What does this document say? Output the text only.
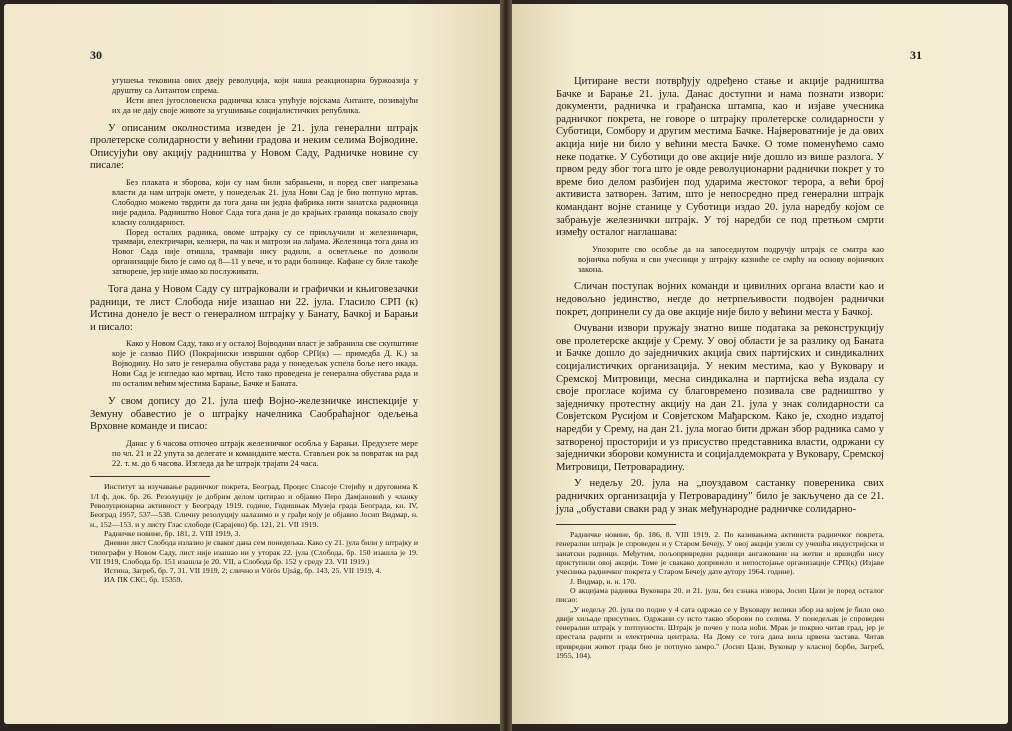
30

угушења тековина ових двеју револуција, који наша реакционарна буржоазија у друштву са Антантом спрема.

Исти апел југословенска радничка класа упућује војскама Антанте, позивајући их да не дају своје животе за угушивање социјалистичких република.

У описаним околностима изведен је 21. јула генерални штрајк пролетерске солидарности у већини градова и неким селима Војводине. Описујући ову акцију радништва у Новом Саду, Радничке новине су писале:

Без плаката и зборова, који су нам били забрањени, и поред свег напрезања власти да нам штрајк омете, у понедељак 21. јула Нови Сад је био потпуно мртав. Слободно можемо тврдити да тога дана ни једна фабрика нити занатска радионица није радила. Радништво Новог Сада тога дана је до крајњих граница показало своју класну солидарност.

Поред осталих радника, овоме штрајку су се прикључили и железничари, трамваји, електричари, келнери, па чак и матрози на лађама. Железница тога дана из Новог Сада није отишла, трамваји нису радили, а осветљење по дозволи организације било је само од 8—11 у вече, и то ради болнице. Кафане су биле такође затворене, јер није имао ко послуживати.

Тога дана у Новом Саду су штрајковали и графички и књиговезачки радници, те лист Слобода није изашао ни 22. јула. Гласило СРП (к) Истина донело је вест о генералном штрајку у Банату, Бачкој и Барањи и писало:

Како у Новом Саду, тако и у осталој Војводини власт је забранила све скупштине које је сазвао ПИО (Покрајински извршни одбор СРП(к) — примедба Д. К.) за Војводину. Но зато је генерална обустава рада у понедељак успела боље него икада. Нови Сад је изгледао као мртвац. Исто тако проведена је генерална обустава рада и по осталим већим мјестима Барање, Бачке и Баната.

У свом допису до 21. јула шеф Војно-железничке инспекције у Земуну обавестио је о штрајку начелника Саобраћајног одељења Врховне команде и писао:

Данас у 6 часова отпочео штрајк железничког особља у Барањи. Предузете мере по чл. 21 и 22 упута за делегате и команданте места. Стављен рок за повратак на рад 22. т. м. до 6 часова. Изгледа да ће штрајк трајати 24 часа.

Институт за изучавање радничког покрета, Београд, Процес Спасоје Стејићу и друговима К 1/I ф, док. бр. 26. Резолуцију је добрим делом цитирао и објавио Перо Дамјановић у чланку Револуционарна активност у Београду 1919. године, Годишњак Музеја града Београда, кн. IV, Београд 1957, 537—538. Сличну резолуцију налазимо и у грађи коју је објавио Јосип Видмар, н. н., 152—153. и у листу Глас слободе (Сарајево) бр. 121, 21. VII 1919.

Радничке новине, бр. 181, 2. VIII 1919, 3.

Дневни лист Слобода излазио је сваког дана сем понедељка. Како су 21. јула били у штрајку и типографи у Новом Саду, лист није изашао ни у уторак 22. јула (Слобода, бр. 150 изашла је 19. VII 1919, Слобода бр. 151 изашла је 20. VII, а Слобода бр. 152 у среду 23. VII 1919.)

Истина, Загреб, бр. 7, 31. VII 1919, 2; слично и Vörös Ujság, бр. 143, 25. VII 1919, 4.

ИА ПК СКС, бр. 15359.

31

Цитиране вести потврђују одређено стање и акције радништва Бачке и Барање 21. јула. Данас доступни и нама познати извори: документи, радничка и грађанска штампа, као и изјаве учесника радничког покрета, не говоре о штрајку пролетерске солидарности у Суботици, Сомбору и другим местима Бачке. Највероватније је да ових акција није ни било у већини места Бачке. О томе поменућемо само неке податке. У Суботици до ове акције није дошло из више разлога. У првом реду због тога што је овде револуционарни раднички покрет у то време био делом разбијен под ударима жестоког терора, а већи број активиста затворен. Затим, што је непосредно пред генерални штрајк командант војне станице у Суботици издао 20. јула наредбу којом се забрањује железнички штрајк. У тој наредби се под претњом смрти између осталог наглашава:

Упозорите сво особље да на запоседнутом подручју штрајк се сматра као војничка побуна и сви учесници у штрајку казниће се смрћу на основу војничких закона.

Сличан поступак војних команди и цивилних органа власти као и недовољно јединство, негде до нетрпељивости подвојен раднички покрет, допринели су да ове акције није било у већини места у Бачкој.

Очувани извори пружају знатно више података за реконструкцију ове пролетерске акције у Срему. У овој области је за разлику од Баната и Бачке дошло до заједничких акција свих партијских и синдикалних социјалистичких организација. У неким местима, као у Вуковару и Сремској Митровици, месна синдикална и партијска већа издала су своје прогласе којима су благовремено позивала све радништво у заједничку протестну акцију на дан 21. јула у знак солидарности са Совјетском Русијом и Совјетском Мађарском. Како је, сходно издатој наредби у Срему, на дан 21. јула могао бити држан збор радника само у затвореној просторији и уз присуство представника власти, одржани су заједнички зборови комуниста и социјалдемократа у Вуковару, Сремској Митровици, Петроварадину.

У недељу 20. јула на „поуздавом састанку повереника свих радничких организација у Петроварадину" било је закључено да се 21. јула „обустави свакн рад у знак међународне радничке солидарно-

Радничке новине, бр. 186, 8. VIII 1919, 2. По казивањима активиста радничког покрета, генерални штрајк је спроведен и у Старом Бечеју. У овој акцији узели су учешћа индустријски и занатски радници. Међутим, пољопривредни радници ангажовани на жетви и вршидби нису приступили овој акцији. Томе је свакако допринело и непостојање организације СРП(к) (Изјаве учесника радничког покрета у Старом Бечеју дате аутору 1964. године).

Ј. Видмар, н. н. 170.

О акцијама радника Вуковара 20. и 21. јула, без сзнака извора, Јосип Цази је поред осталог писао:

„У недељу 20. јула по подне у 4 сата одржао се у Вуковару велики збор на којем је било око двије хиљаде присутних. Одржани су исто такво зборови по селима. У понедељак је спроведен генерални штрајк у потпуности. Штрајк је почео у пола ноћи. Мрак је покрио читав град, јер је престала радити и електрична централа. На Дому се тога дана вила црвена застава. Читав привредни живот града био је потпуно замро." (Јосип Цази, Вуковар у класној борби, Загреб, 1955, 104).
